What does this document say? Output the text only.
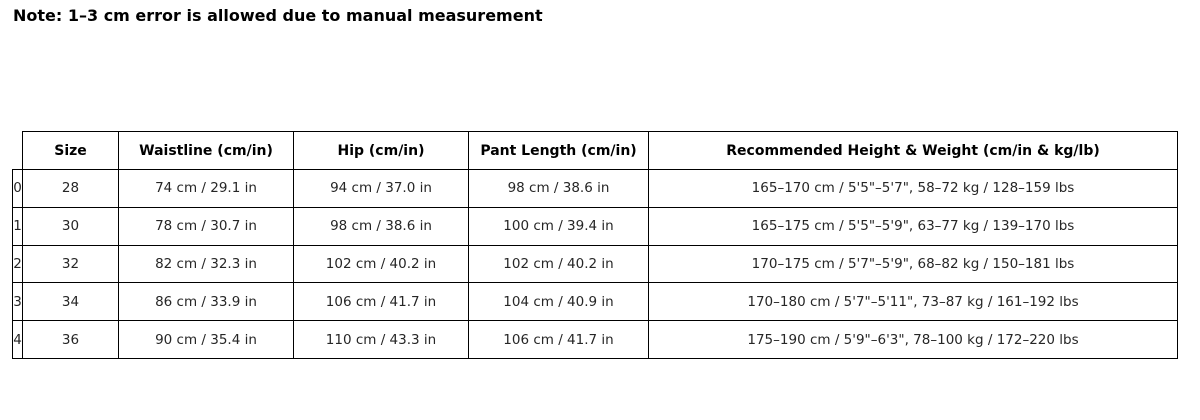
Note: 1–3 cm error is allowed due to manual measurement
	Size	Waistline (cm/in)	Hip (cm/in)	Pant Length (cm/in)	Recommended Height & Weight (cm/in & kg/lb)
0	28	74 cm / 29.1 in	94 cm / 37.0 in	98 cm / 38.6 in	165–170 cm / 5'5"–5'7", 58–72 kg / 128–159 lbs
1	30	78 cm / 30.7 in	98 cm / 38.6 in	100 cm / 39.4 in	165–175 cm / 5'5"–5'9", 63–77 kg / 139–170 lbs
2	32	82 cm / 32.3 in	102 cm / 40.2 in	102 cm / 40.2 in	170–175 cm / 5'7"–5'9", 68–82 kg / 150–181 lbs
3	34	86 cm / 33.9 in	106 cm / 41.7 in	104 cm / 40.9 in	170–180 cm / 5'7"–5'11", 73–87 kg / 161–192 lbs
4	36	90 cm / 35.4 in	110 cm / 43.3 in	106 cm / 41.7 in	175–190 cm / 5'9"–6'3", 78–100 kg / 172–220 lbs
